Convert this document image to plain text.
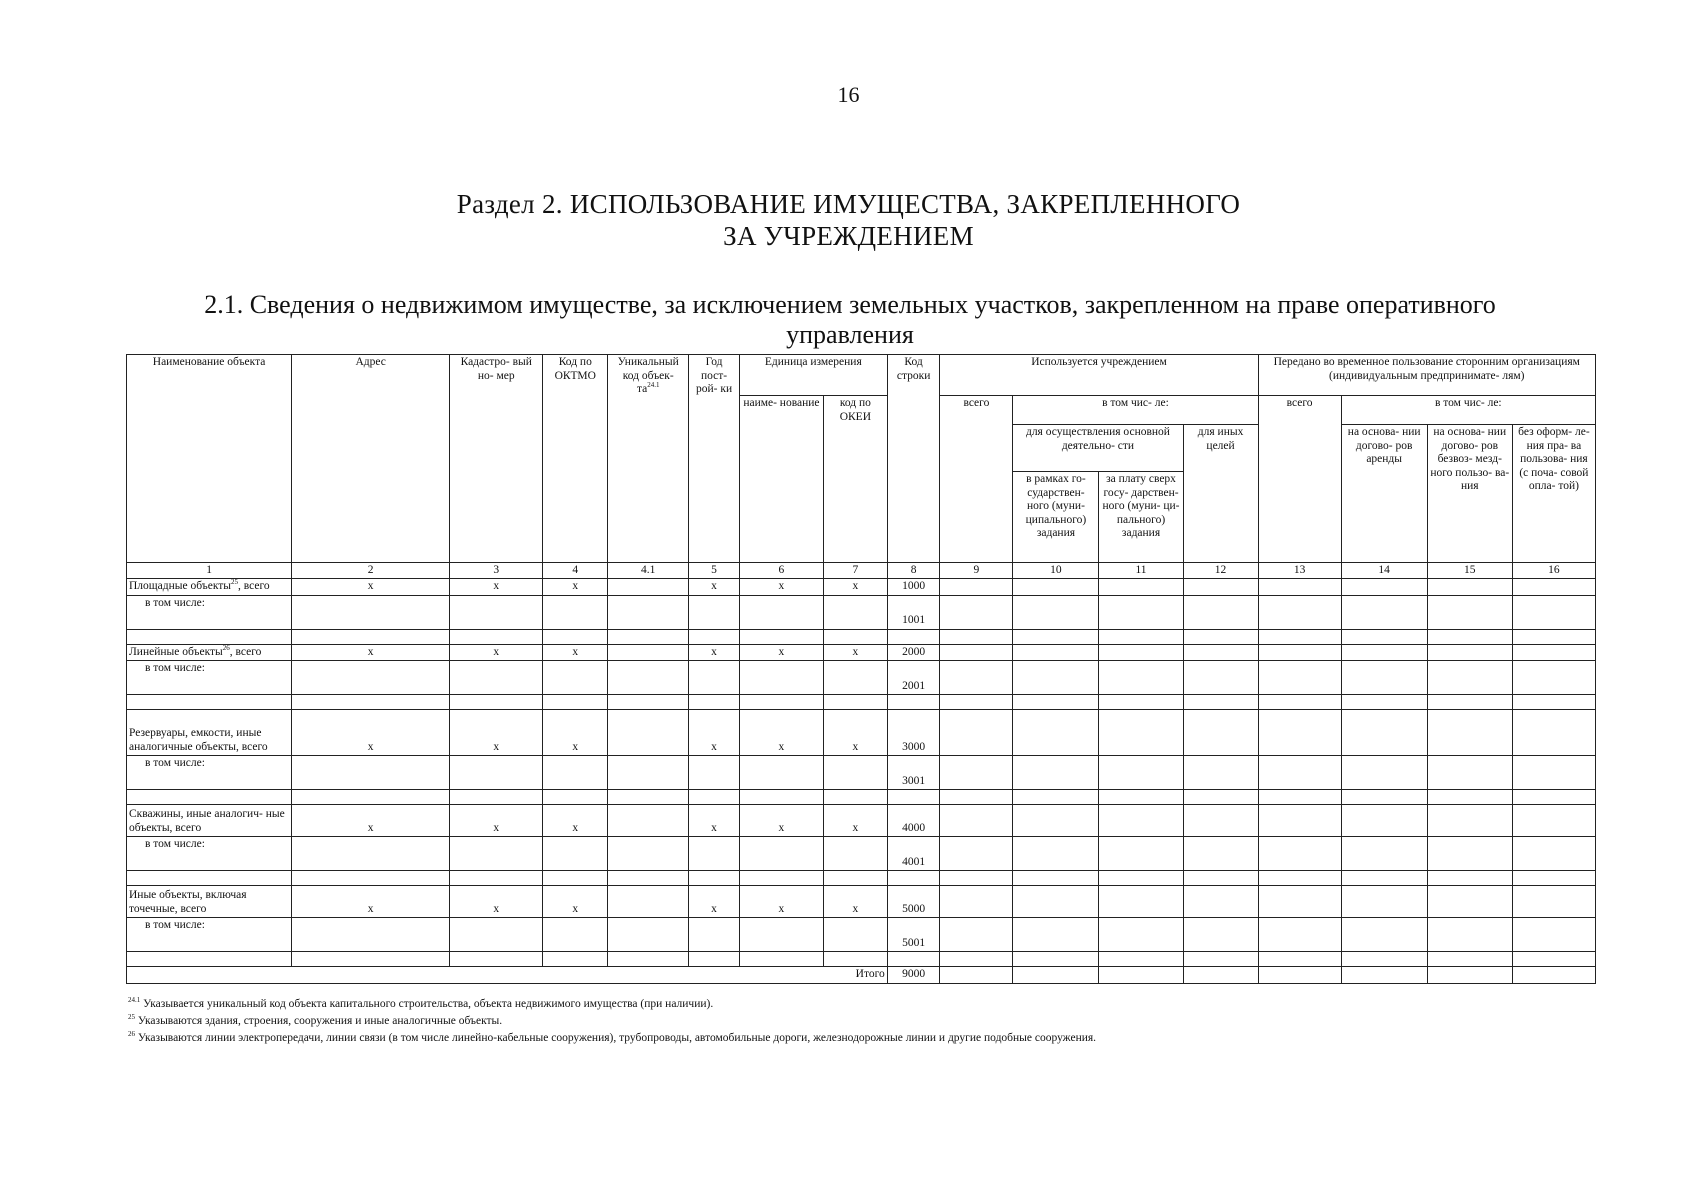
16
Раздел 2. ИСПОЛЬЗОВАНИЕ ИМУЩЕСТВА, ЗАКРЕПЛЕННОГО
ЗА УЧРЕЖДЕНИЕМ
2.1. Сведения о недвижимом имуществе, за исключением земельных участков, закрепленном на праве оперативного
управления
Наименование объекта	Адрес	Кадастро- вый но- мер	Код по ОКТМО	Уникальный код объек- $та^{24.1}$	Год пост- рой- ки	Единица измерения		Код строки	Используется учреждением				Передано во временное пользование сторонним организациям (индивидуальным предпринимате- лям)			
						наиме- нование	код по ОКЕИ		всего	в том чис- ле:			всего	в том чис- ле:		
										для осуществления основной деятельно- сти		для иных целей		на основа- нии догово- ров аренды	на основа- нии догово- ров безвоз- мезд- ного пользо- ва- ния	без оформ- ле- ния пра- ва пользова- ния (с поча- совой опла- той)
										в рамках го- сударствен- ного (муни- ципального) задания	за плату сверх госу- дарствен- ного (муни- ци- пального) задания					
1	2	3	4	4.1	5	6	7	8	9	10	11	12	13	14	15	16
Площадные объекты$^{25}$, всего	x	x	x		x	x	x	1000								
в том числе:								1001								

Линейные объекты$^{26}$, всего	x	x	x		x	x	x	2000								
в том числе:								2001								

Резервуары, емкости, иные аналогичные объекты, всего	x	x	x		x	x	x	3000								
в том числе:								3001								

Скважины, иные аналогич- ные объекты, всего	x	x	x		x	x	x	4000								
в том числе:								4001								

Иные объекты, включая точечные, всего	x	x	x		x	x	x	5000								
в том числе:								5001								

Итого								9000								
$^{24.1}$ Указывается уникальный код объекта капитального строительства, объекта недвижимого имущества (при наличии).
$^{25}$ Указываются здания, строения, сооружения и иные аналогичные объекты.
$^{26}$ Указываются линии электропередачи, линии связи (в том числе линейно-кабельные сооружения), трубопроводы, автомобильные дороги, железнодорожные линии и другие подобные сооружения.
